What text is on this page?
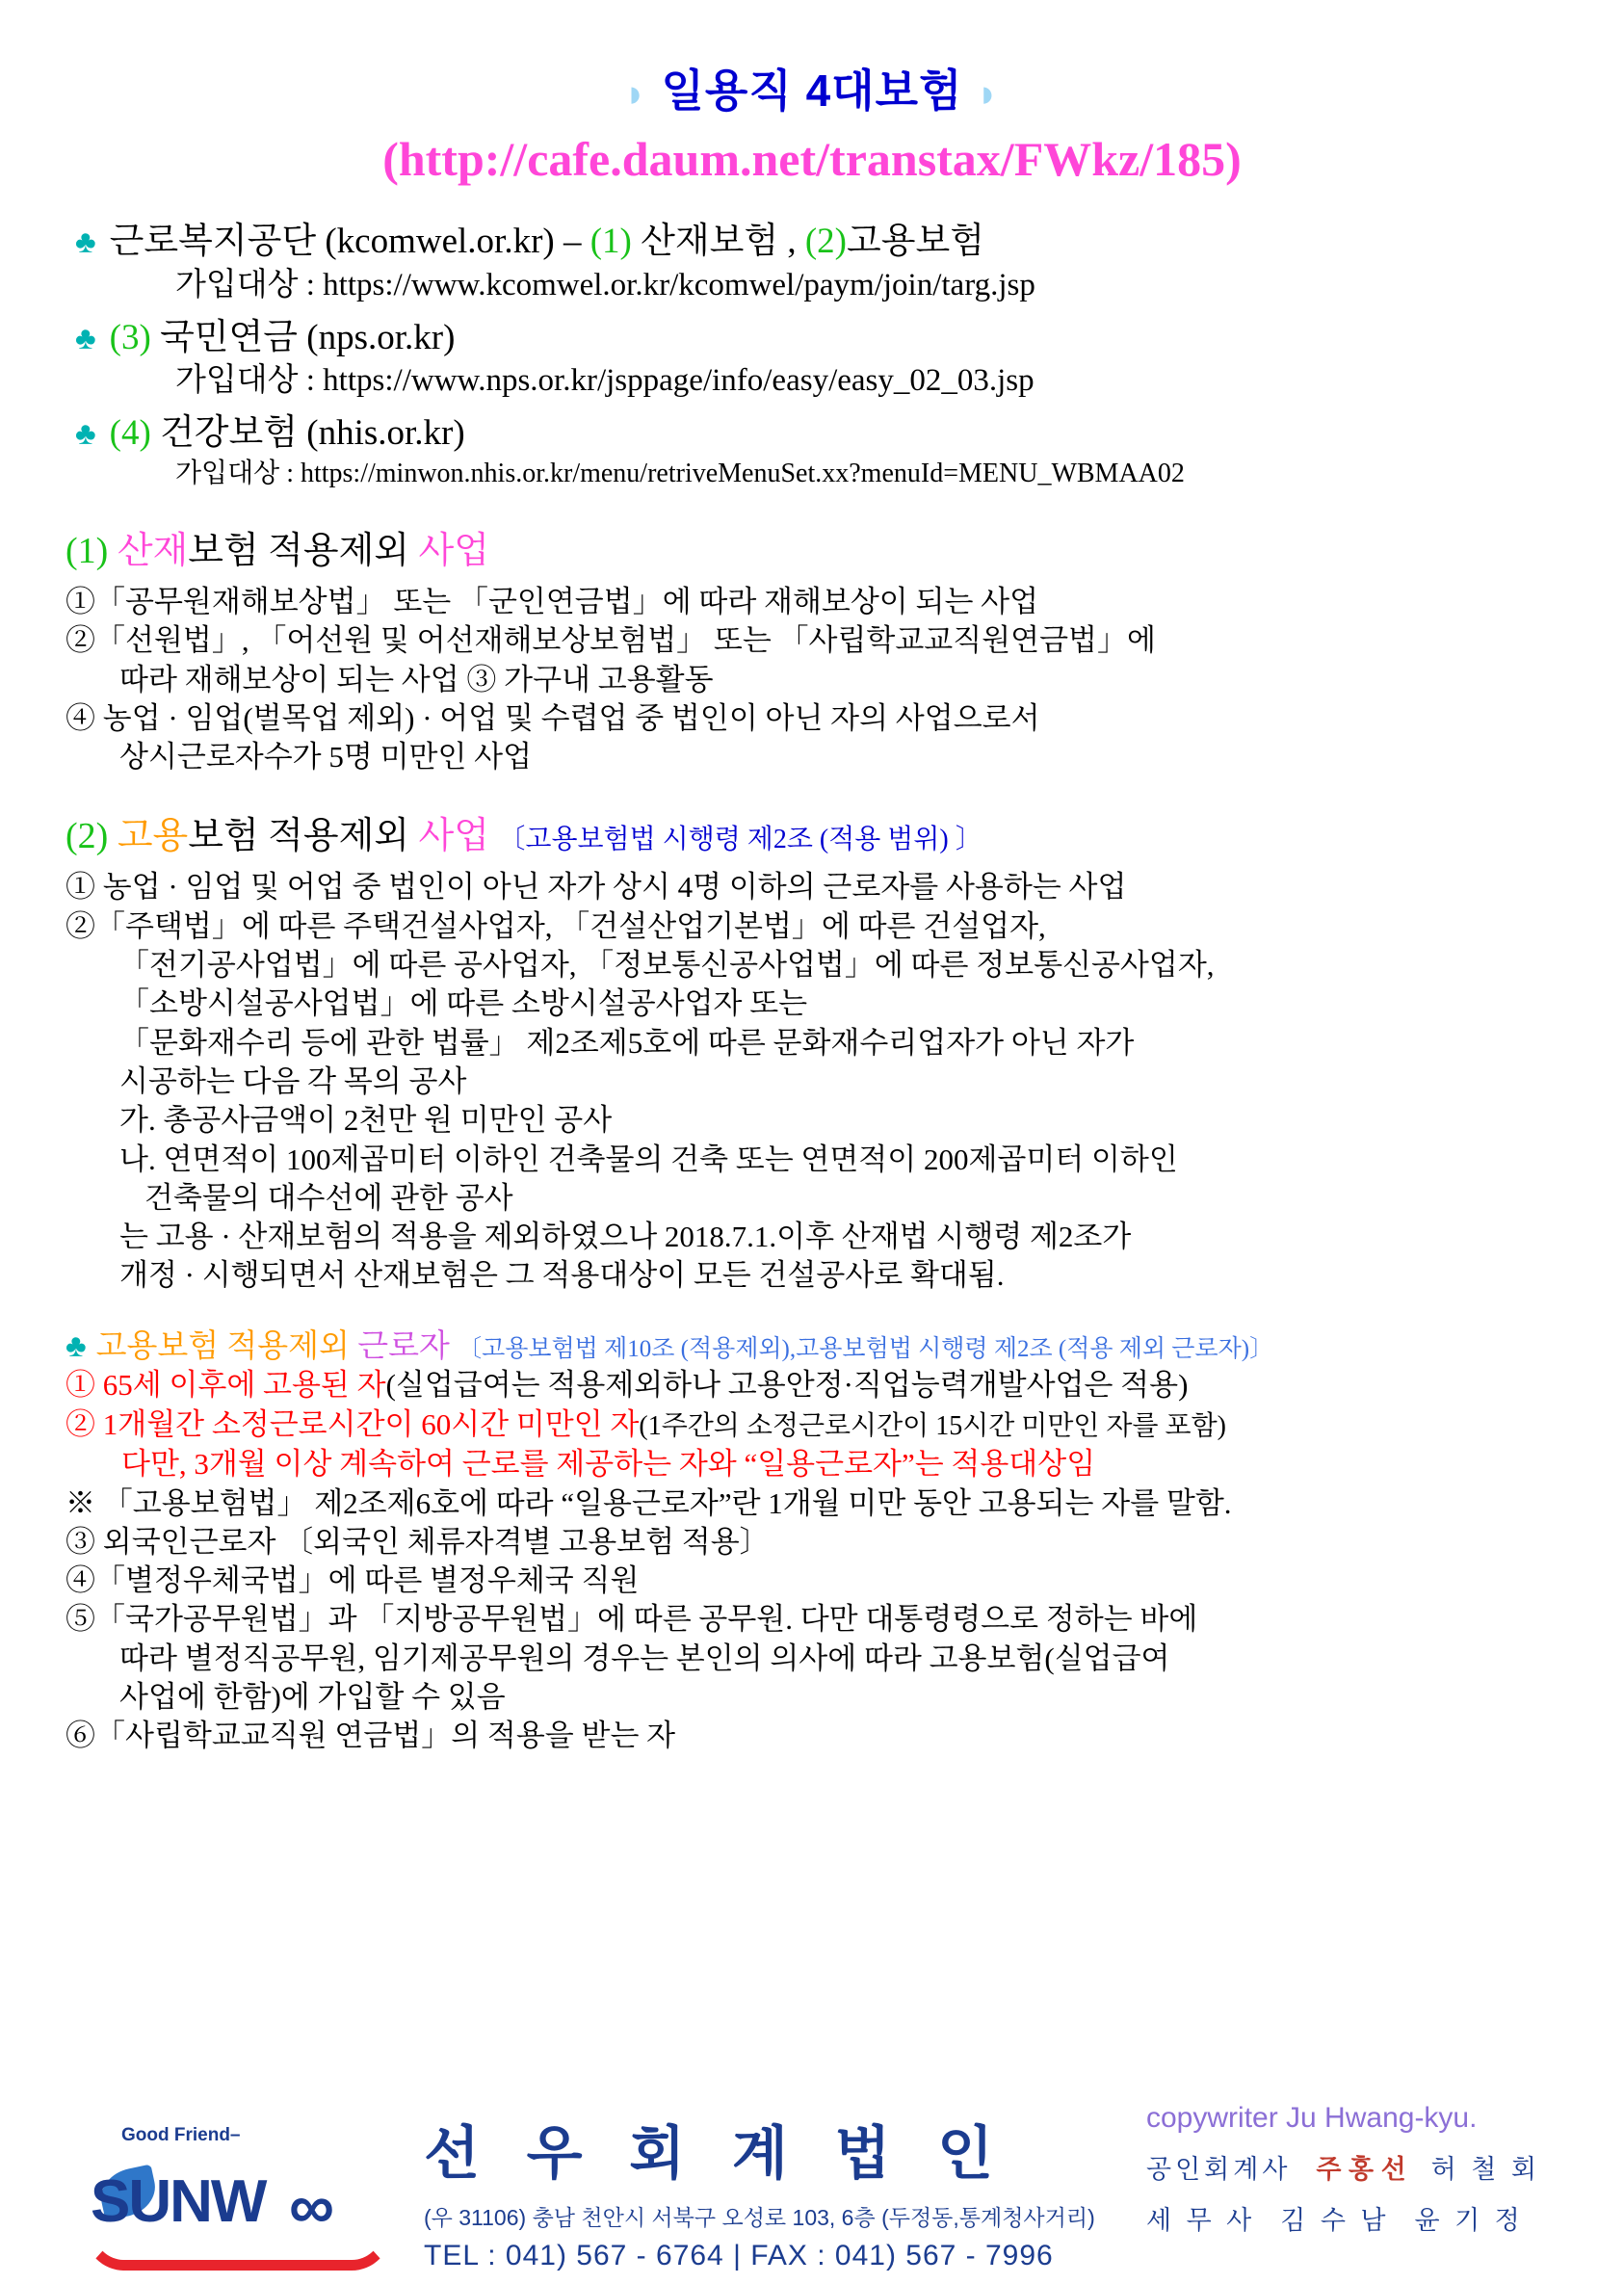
◗ 일용직 4대보험 ◗
(http://cafe.daum.net/transtax/FWkz/185)
♣ 근로복지공단 (kcomwel.or.kr) – (1) 산재보험 , (2)고용보험
가입대상 : https://www.kcomwel.or.kr/kcomwel/paym/join/targ.jsp
♣ (3) 국민연금 (nps.or.kr)
가입대상 : https://www.nps.or.kr/jsppage/info/easy/easy_02_03.jsp
♣ (4) 건강보험 (nhis.or.kr)
가입대상 : https://minwon.nhis.or.kr/menu/retriveMenuSet.xx?menuId=MENU_WBMAA02
(1) 산재보험 적용제외 사업
①「공무원재해보상법」 또는 「군인연금법」에 따라 재해보상이 되는 사업
②「선원법」, 「어선원 및 어선재해보상보험법」 또는 「사립학교교직원연금법」에
따라 재해보상이 되는 사업 ③ 가구내 고용활동
④ 농업 · 임업(벌목업 제외) · 어업 및 수렵업 중 법인이 아닌 자의 사업으로서
상시근로자수가 5명 미만인 사업
(2) 고용보험 적용제외 사업 〔고용보험법 시행령 제2조 (적용 범위) 〕
① 농업 · 임업 및 어업 중 법인이 아닌 자가 상시 4명 이하의 근로자를 사용하는 사업
②「주택법」에 따른 주택건설사업자, 「건설산업기본법」에 따른 건설업자,
「전기공사업법」에 따른 공사업자, 「정보통신공사업법」에 따른 정보통신공사업자,
「소방시설공사업법」에 따른 소방시설공사업자 또는
「문화재수리 등에 관한 법률」 제2조제5호에 따른 문화재수리업자가 아닌 자가
시공하는 다음 각 목의 공사
가. 총공사금액이 2천만 원 미만인 공사
나. 연면적이 100제곱미터 이하인 건축물의 건축 또는 연면적이 200제곱미터 이하인
건축물의 대수선에 관한 공사
는 고용 · 산재보험의 적용을 제외하였으나 2018.7.1.이후 산재법 시행령 제2조가
개정 · 시행되면서 산재보험은 그 적용대상이 모든 건설공사로 확대됨.
♣ 고용보험 적용제외 근로자 〔고용보험법 제10조 (적용제외),고용보험법 시행령 제2조 (적용 제외 근로자)〕
① 65세 이후에 고용된 자(실업급여는 적용제외하나 고용안정·직업능력개발사업은 적용)
② 1개월간 소정근로시간이 60시간 미만인 자(1주간의 소정근로시간이 15시간 미만인 자를 포함)
다만, 3개월 이상 계속하여 근로를 제공하는 자와 “일용근로자”는 적용대상임
※ 「고용보험법」 제2조제6호에 따라 “일용근로자”란 1개월 미만 동안 고용되는 자를 말함.
③ 외국인근로자 〔외국인 체류자격별 고용보험 적용〕
④「별정우체국법」에 따른 별정우체국 직원
⑤「국가공무원법」과 「지방공무원법」에 따른 공무원. 다만 대통령령으로 정하는 바에
따라 별정직공무원, 임기제공무원의 경우는 본인의 의사에 따라 고용보험(실업급여
사업에 한함)에 가입할 수 있음
⑥「사립학교교직원 연금법」의 적용을 받는 자
Good Friend–
SUNW ∞
선 우 회 계 법 인
(우 31106) 충남 천안시 서북구 오성로 103, 6층 (두정동,통계청사거리)
TEL : 041) 567 - 6764 | FAX : 041) 567 - 7996
copywriter Ju Hwang-kyu.
공인회계사 주 홍 선 허 철 회
세 무 사 김 수 남 윤 기 정
